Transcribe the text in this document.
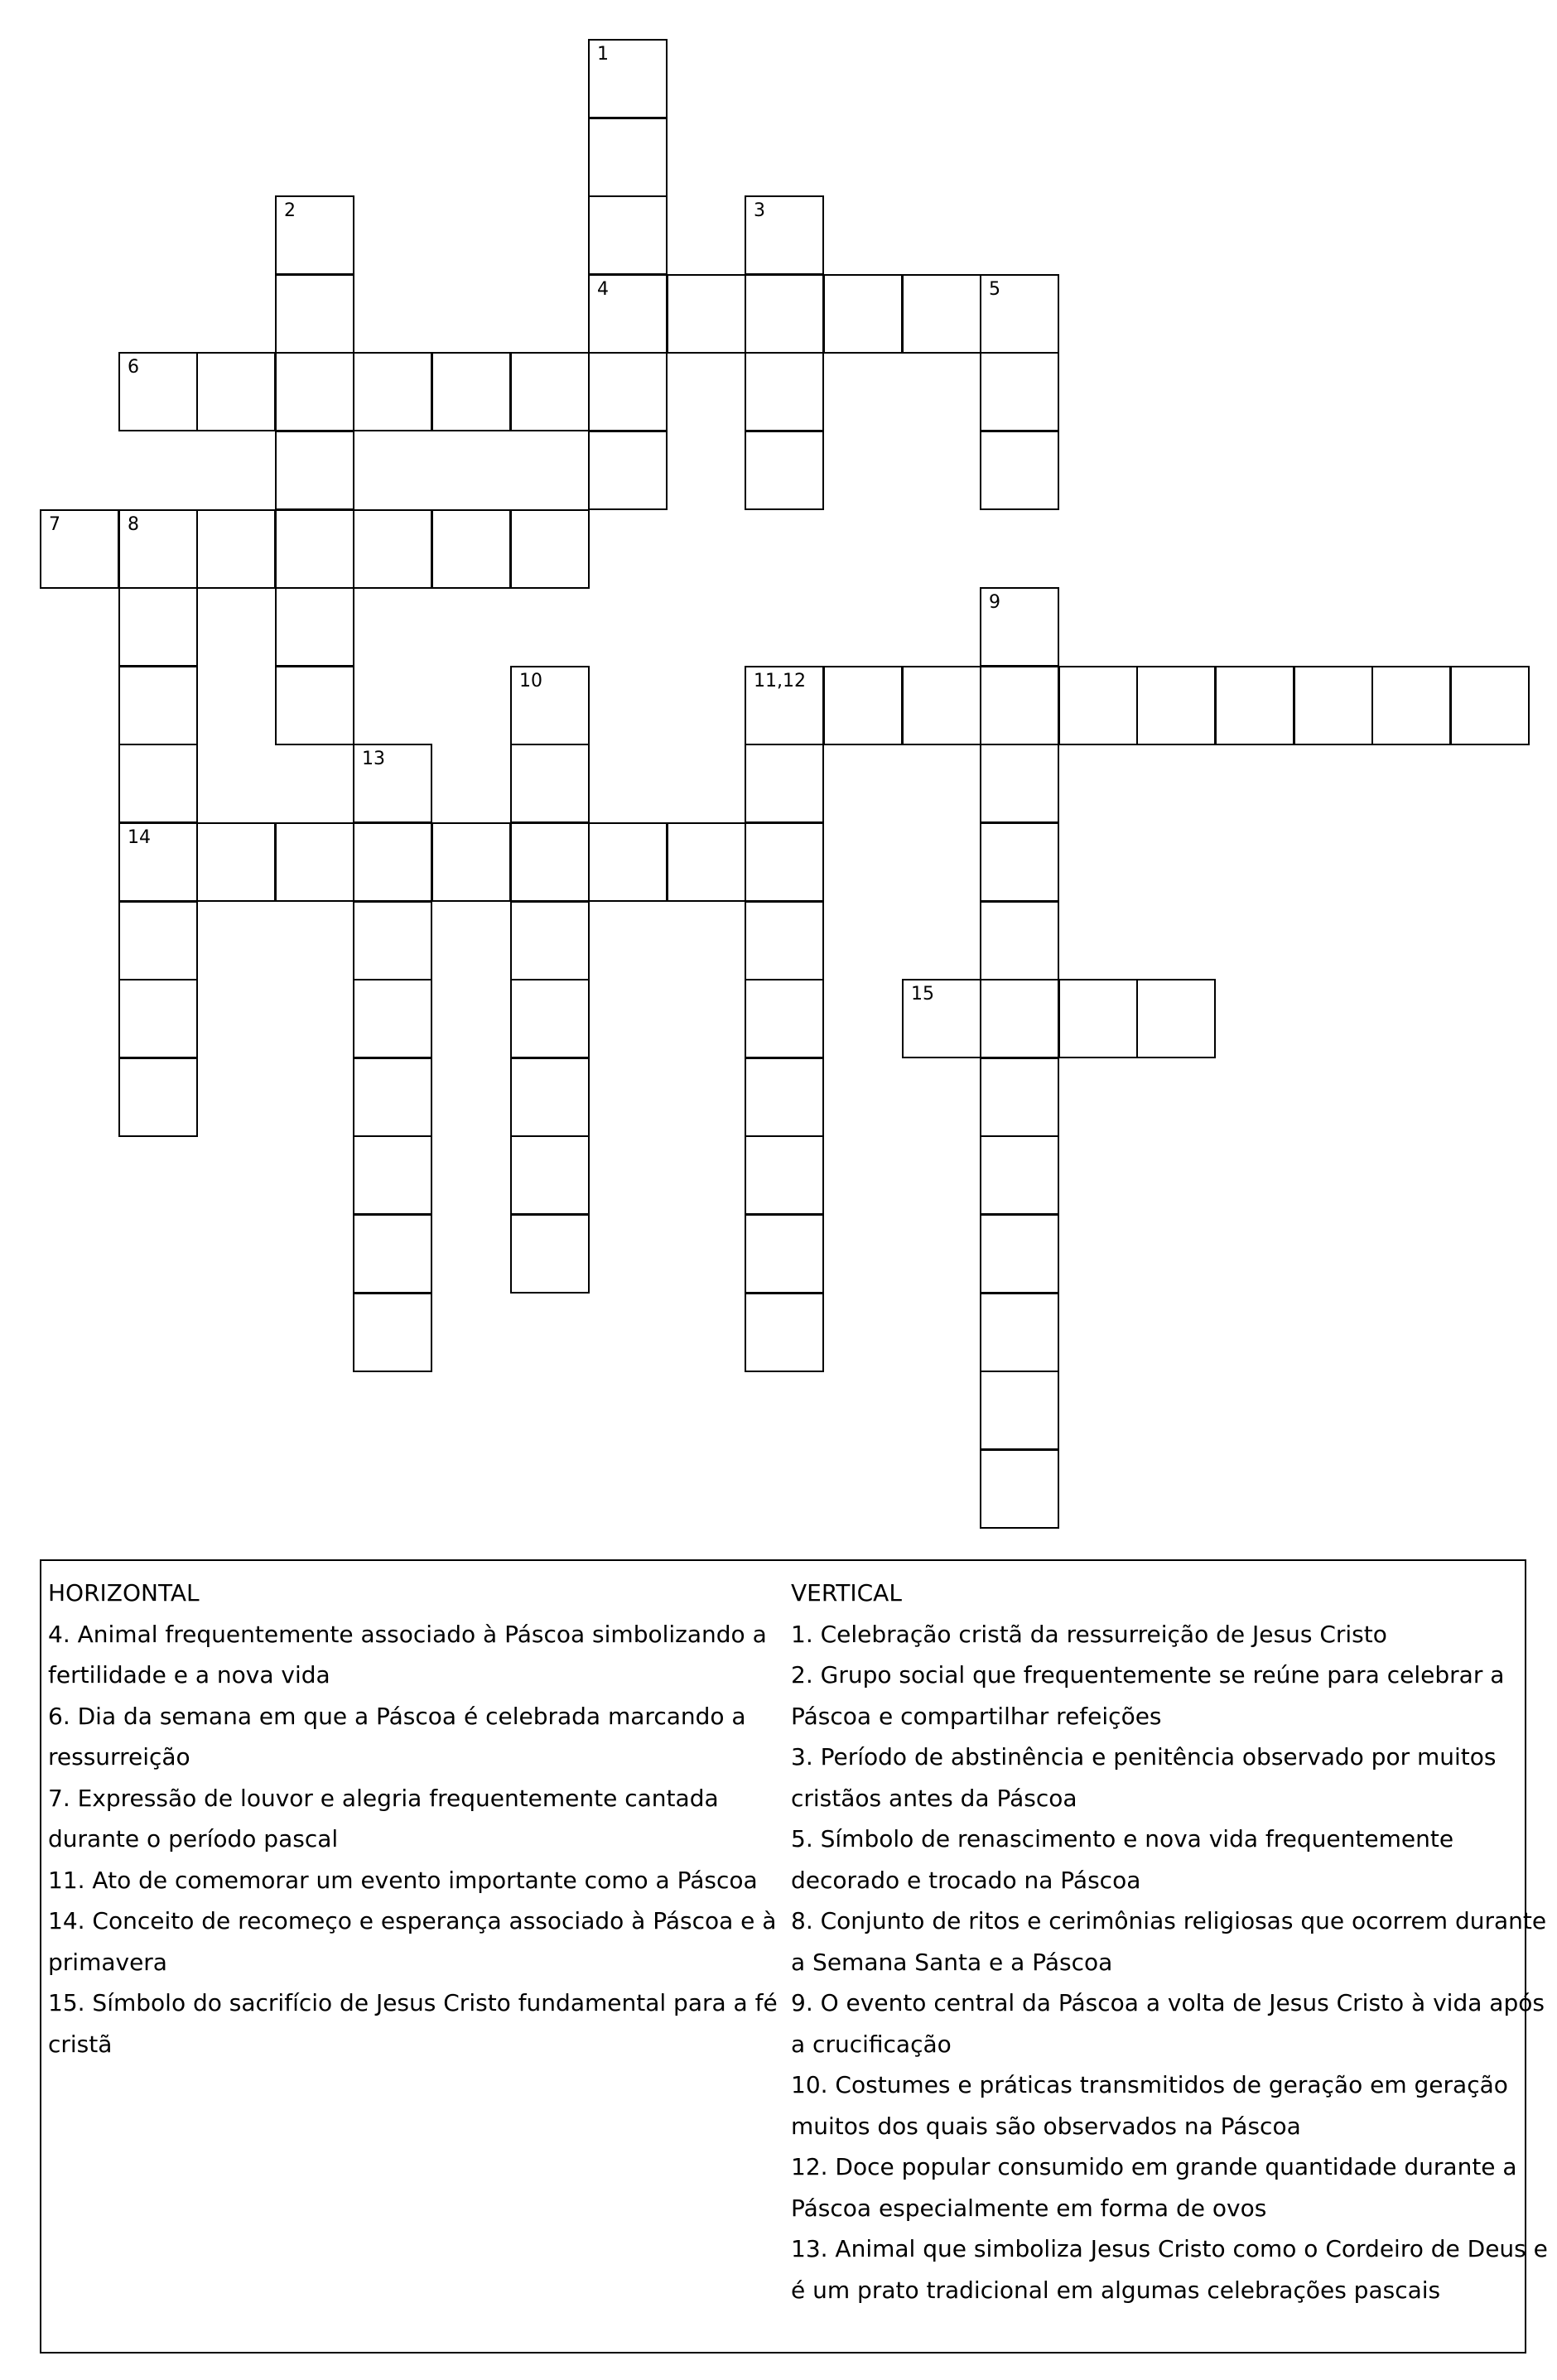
1
4
2	3
5
6
7	8
14
9
10	11,12
13
15
HORIZONTAL
4. Animal frequentemente associado à Páscoa simbolizando a
fertilidade e a nova vida
6. Dia da semana em que a Páscoa é celebrada marcando a
ressurreição
7. Expressão de louvor e alegria frequentemente cantada
durante o período pascal
11. Ato de comemorar um evento importante como a Páscoa
14. Conceito de recomeço e esperança associado à Páscoa e à
primavera
15. Símbolo do sacrifício de Jesus Cristo fundamental para a fé
cristã
VERTICAL
1. Celebração cristã da ressurreição de Jesus Cristo
2. Grupo social que frequentemente se reúne para celebrar a
Páscoa e compartilhar refeições
3. Período de abstinência e penitência observado por muitos
cristãos antes da Páscoa
5. Símbolo de renascimento e nova vida frequentemente
decorado e trocado na Páscoa
8. Conjunto de ritos e cerimônias religiosas que ocorrem durante
a Semana Santa e a Páscoa
9. O evento central da Páscoa a volta de Jesus Cristo à vida após
a crucificação
10. Costumes e práticas transmitidos de geração em geração
muitos dos quais são observados na Páscoa
12. Doce popular consumido em grande quantidade durante a
Páscoa especialmente em forma de ovos
13. Animal que simboliza Jesus Cristo como o Cordeiro de Deus e
é um prato tradicional em algumas celebrações pascais
